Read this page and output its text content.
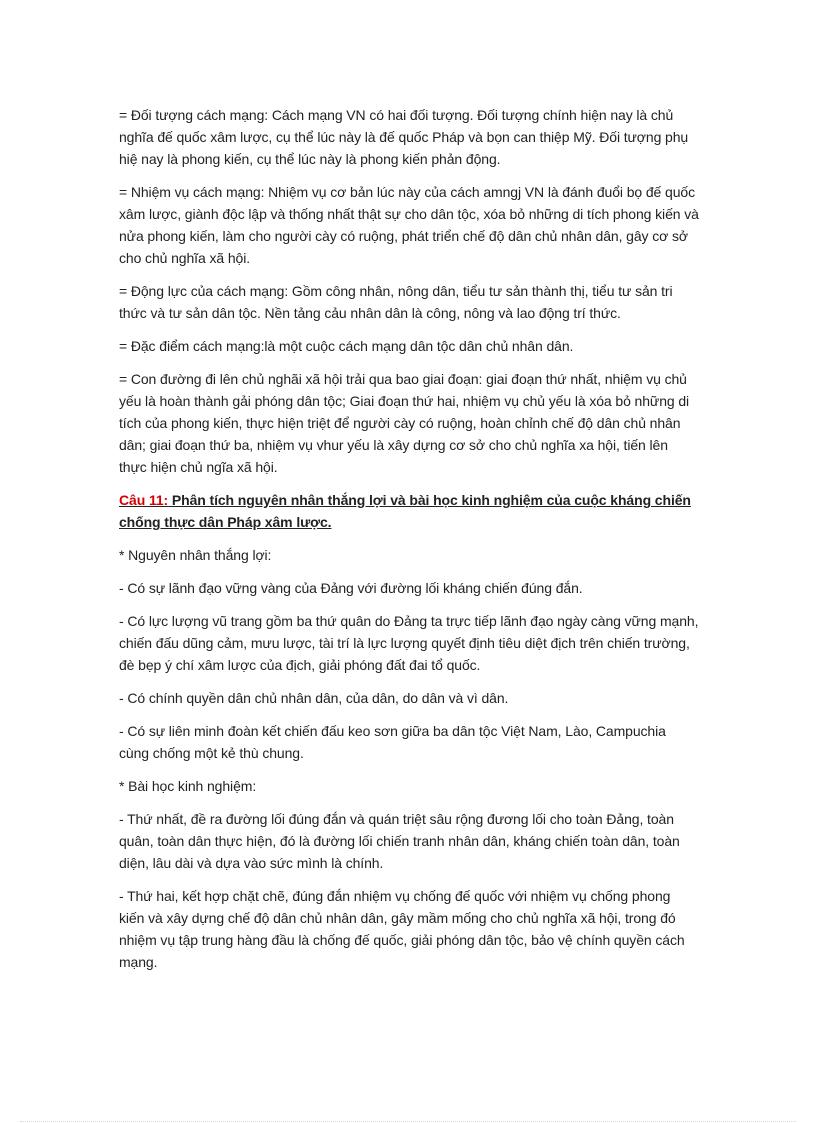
= Đối tượng cách mạng: Cách mạng VN có hai đối tượng. Đối tượng chính hiện nay là chủ nghĩa đế quốc xâm lược, cụ thể lúc này là đế quốc Pháp và bọn can thiệp Mỹ. Đối tượng phụ hiệ nay là phong kiến, cụ thể lúc này là phong kiến phản động.

= Nhiệm vụ cách mạng: Nhiệm vụ cơ bản lúc này của cách amngj VN là đánh đuổi bọ đế quốc xâm lược, giành độc lập và thống nhất thật sự cho dân tộc, xóa bỏ những di tích phong kiến và nửa phong kiến, làm cho người cày có ruộng, phát triển chế độ dân chủ nhân dân, gây cơ sở cho chủ nghĩa xã hội.

= Động lực của cách mạng: Gồm công nhân, nông dân, tiểu tư sản thành thị, tiểu tư sản tri thức và tư sản dân tộc. Nền tảng cảu nhân dân là công, nông và lao động trí thức.

= Đặc điểm cách mạng:là một cuộc cách mạng dân tộc dân chủ nhân dân.

= Con đường đi lên chủ nghãi xã hội trải qua bao giai đoạn: giai đoạn thứ nhất, nhiệm vụ chủ yếu là hoàn thành gải phóng dân tộc; Giai đoạn thứ hai, nhiệm vụ chủ yếu là xóa bỏ những di tích của phong kiến, thực hiện triệt để người cày có ruộng, hoàn chỉnh chế độ dân chủ nhân dân; giai đoạn thứ ba, nhiệm vụ vhur yếu là xây dựng cơ sở cho chủ nghĩa xa hội, tiến lên thực hiện chủ ngĩa xã hội.

Câu 11: Phân tích nguyên nhân thắng lợi và bài học kinh nghiệm của cuộc kháng chiến chống thực dân Pháp xâm lược.

* Nguyên nhân thắng lợi:

- Có sự lãnh đạo vững vàng của Đảng với đường lối kháng chiến đúng đắn.

- Có lực lượng vũ trang gồm ba thứ quân do Đảng ta trực tiếp lãnh đạo ngày càng vững mạnh, chiến đấu dũng cảm, mưu lược, tài trí là lực lượng quyết định tiêu diệt địch trên chiến trường, đè bẹp ý chí xâm lược của địch, giải phóng đất đai tổ quốc.

- Có chính quyền dân chủ nhân dân, của dân, do dân và vì dân.

- Có sự liên minh đoàn kết chiến đấu keo sơn giữa ba dân tộc Việt Nam, Lào, Campuchia cùng chống một kẻ thù chung.

* Bài học kinh nghiệm:

- Thứ nhất, đề ra đường lối đúng đắn và quán triệt sâu rộng đương lối cho toàn Đảng, toàn quân, toàn dân thực hiện, đó là đường lối chiến tranh nhân dân, kháng chiến toàn dân, toàn diện, lâu dài và dựa vào sức mình là chính.

- Thứ hai, kết hợp chặt chẽ, đúng đắn nhiệm vụ chống đế quốc với nhiệm vụ chống phong kiến và xây dựng chế độ dân chủ nhân dân, gây mầm mống cho chủ nghĩa xã hội, trong đó nhiệm vụ tập trung hàng đầu là chống đế quốc, giải phóng dân tộc, bảo vệ chính quyền cách mạng.
